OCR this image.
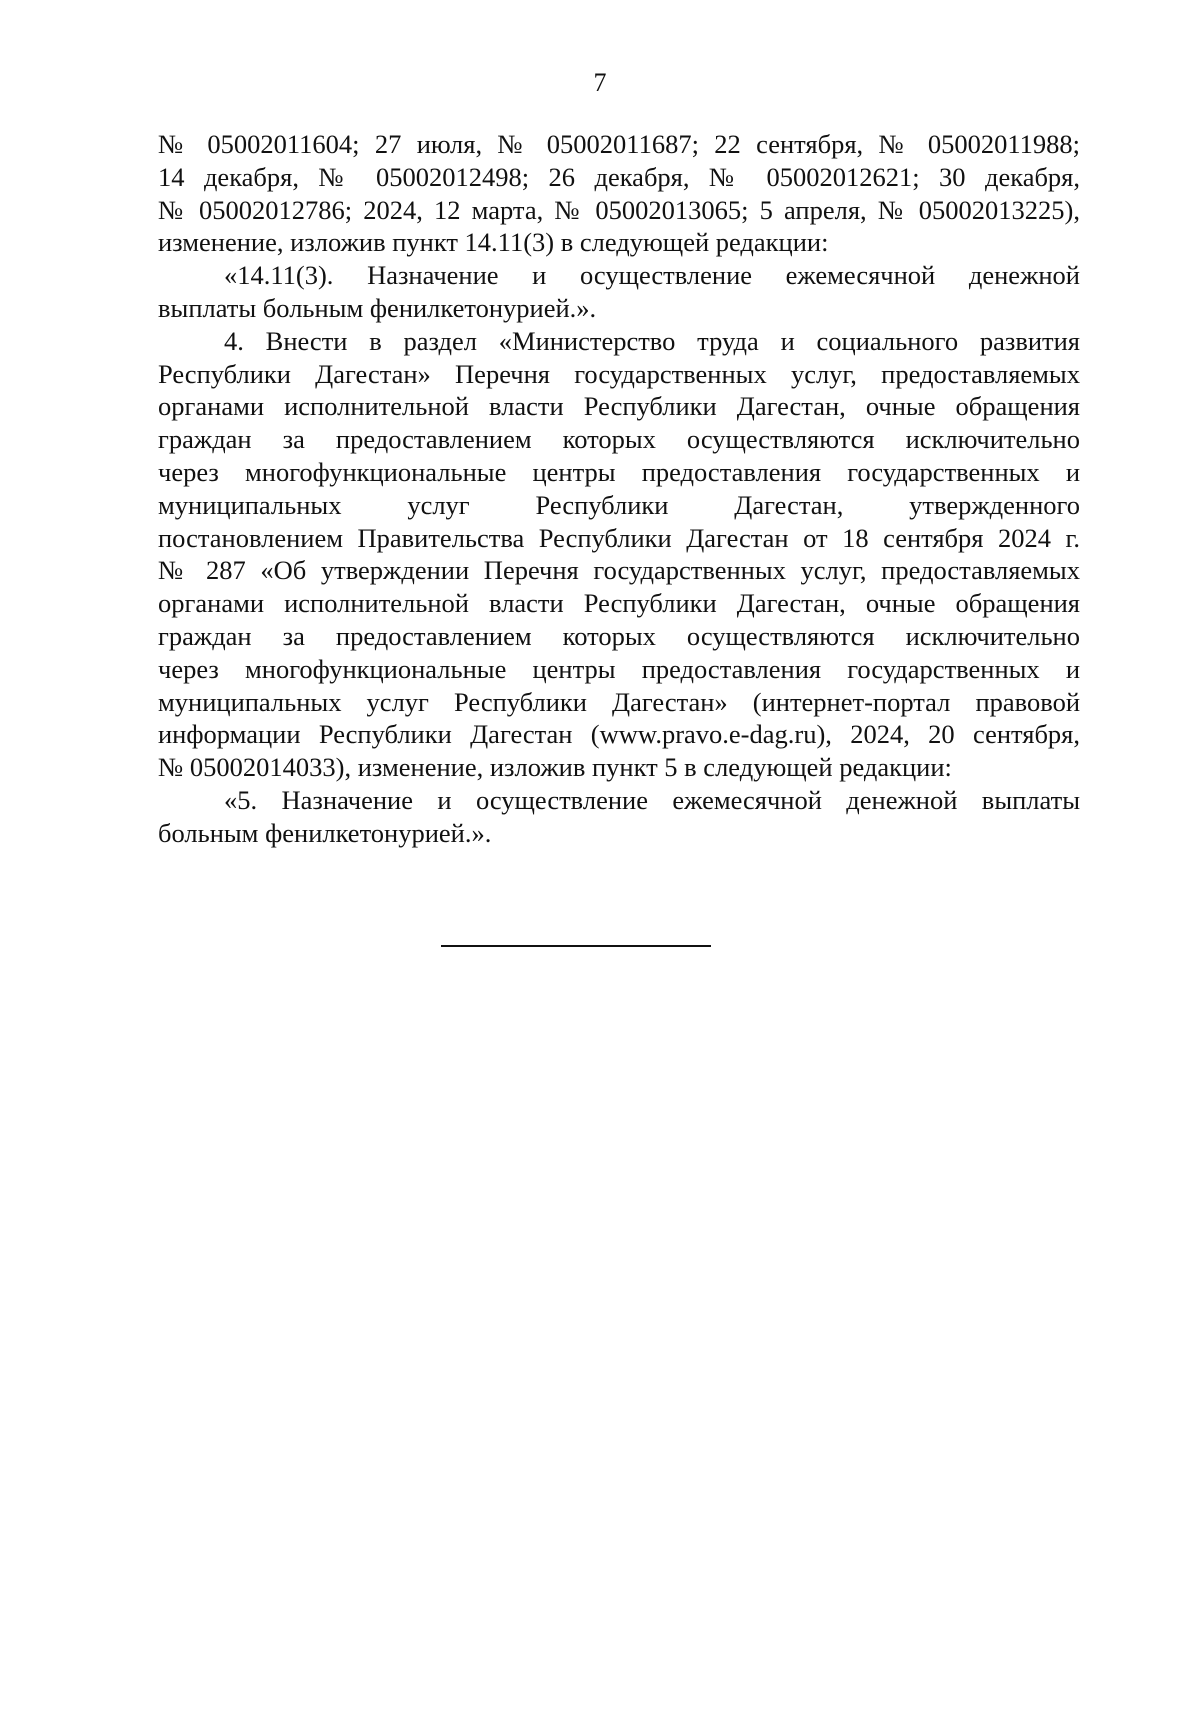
7

№ 05002011604; 27 июля, № 05002011687; 22 сентября, № 05002011988;
14 декабря, № 05002012498; 26 декабря, № 05002012621; 30 декабря,
№ 05002012786; 2024, 12 марта, № 05002013065; 5 апреля, № 05002013225),
изменение, изложив пункт 14.11(3) в следующей редакции:

«14.11(3). Назначение и осуществление ежемесячной денежной
выплаты больным фенилкетонурией.».

4. Внести в раздел «Министерство труда и социального развития
Республики Дагестан» Перечня государственных услуг, предоставляемых
органами исполнительной власти Республики Дагестан, очные обращения
граждан за предоставлением которых осуществляются исключительно
через многофункциональные центры предоставления государственных и
муниципальных услуг Республики Дагестан, утвержденного
постановлением Правительства Республики Дагестан от 18 сентября 2024 г.
№ 287 «Об утверждении Перечня государственных услуг, предоставляемых
органами исполнительной власти Республики Дагестан, очные обращения
граждан за предоставлением которых осуществляются исключительно
через многофункциональные центры предоставления государственных и
муниципальных услуг Республики Дагестан» (интернет-портал правовой
информации Республики Дагестан (www.pravo.e-dag.ru), 2024, 20 сентября,
№ 05002014033), изменение, изложив пункт 5 в следующей редакции:

«5. Назначение и осуществление ежемесячной денежной выплаты
больным фенилкетонурией.».
